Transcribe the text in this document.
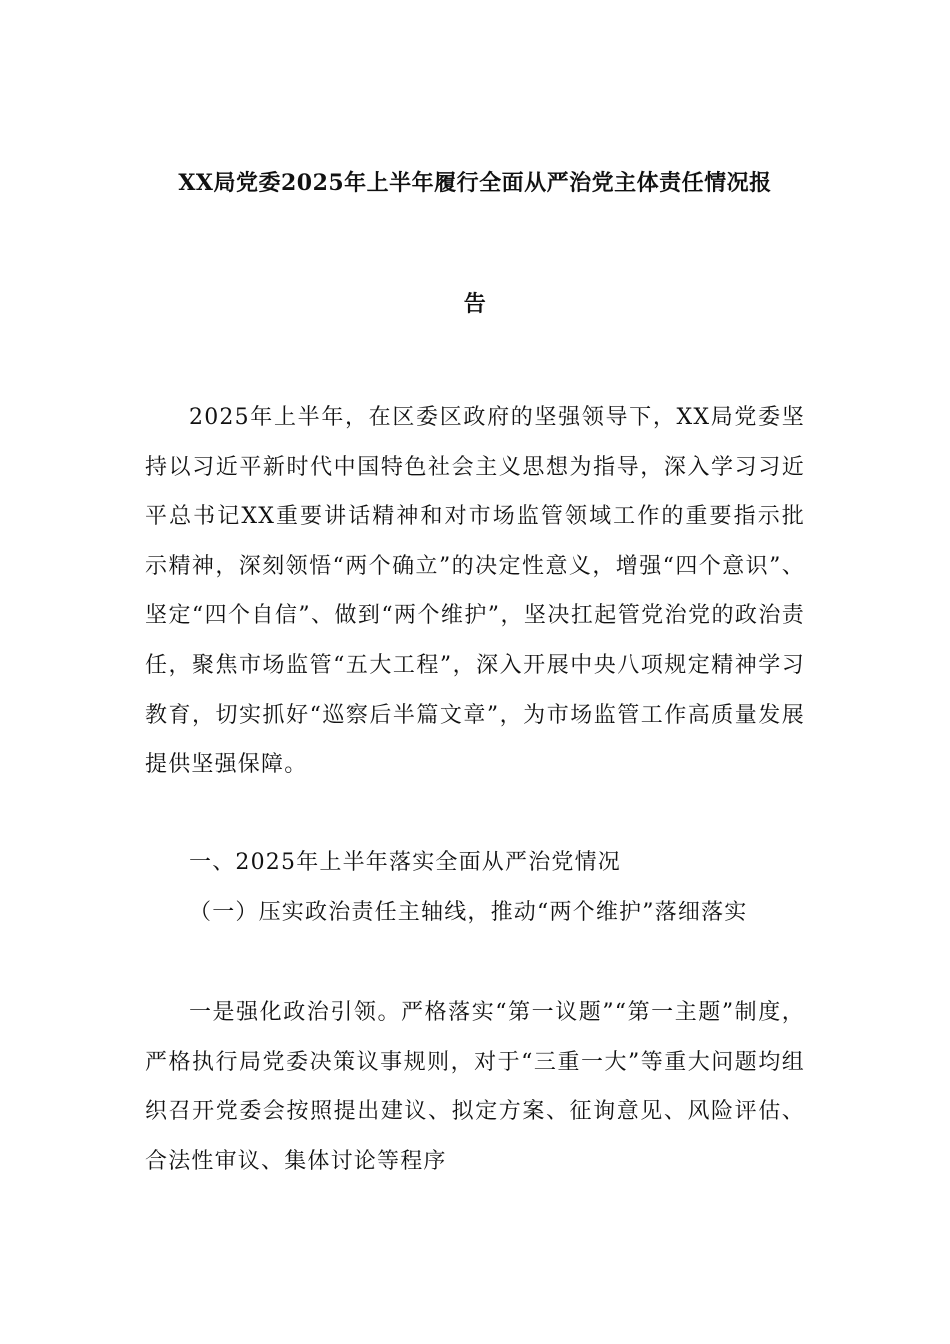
XX局党委2025年上半年履行全面从严治党主体责任情况报
告

2025年上半年，在区委区政府的坚强领导下，XX局党委坚持以习近平新时代中国特色社会主义思想为指导，深入学习习近平总书记XX重要讲话精神和对市场监管领域工作的重要指示批示精神，深刻领悟“两个确立”的决定性意义，增强“四个意识”、坚定“四个自信”、做到“两个维护”，坚决扛起管党治党的政治责任，聚焦市场监管“五大工程”，深入开展中央八项规定精神学习教育，切实抓好“巡察后半篇文章”，为市场监管工作高质量发展提供坚强保障。

一、2025年上半年落实全面从严治党情况

（一）压实政治责任主轴线，推动“两个维护”落细落实

一是强化政治引领。严格落实“第一议题”“第一主题”制度，严格执行局党委决策议事规则，对于“三重一大”等重大问题均组织召开党委会按照提出建议、拟定方案、征询意见、风险评估、合法性审议、集体讨论等程序
